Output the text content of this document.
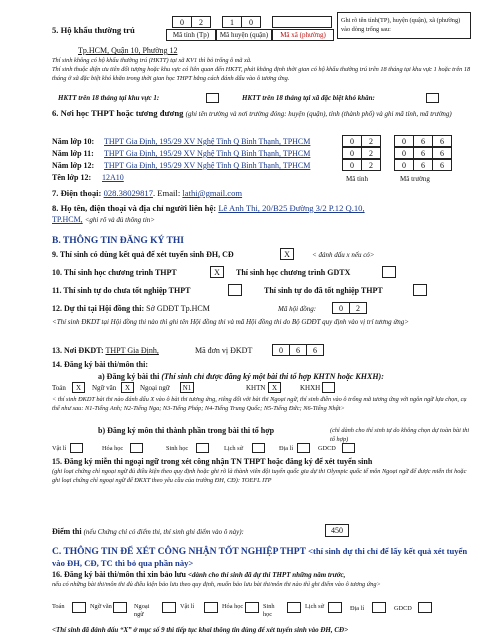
5. Hộ khẩu thường trú
0	2	1	0
Mã tỉnh (Tp)	Mã huyện (quận)	Mã xã (phường)
Ghi rõ tên tỉnh(TP), huyện (quận), xã (phường) vào dòng trống sau:
Tp.HCM, Quận 10, Phường 12
Thí sinh không có hộ khẩu thường trú (HKTT) tại xã KV1 thì bỏ trống ô mã xã.
Thí sinh thuộc diện ưu tiên đối tượng hoặc khu vực có liên quan đến HKTT, phải khẳng định thời gian có hộ khẩu thường trú trên 18 tháng tại khu vực 1 hoặc trên 18 tháng ở xã đặc biệt khó khăn trong thời gian học THPT bằng cách đánh dấu vào ô tương ứng.
HKTT trên 18 tháng tại khu vực 1:	HKTT trên 18 tháng tại xã đặc biệt khó khăn:
6. Nơi học THPT hoặc tương đương (ghi tên trường và nơi trường đóng: huyện (quận), tỉnh (thành phố) và ghi mã tỉnh, mã trường)
Năm lớp 10: THPT Gia Định, 195/29 XV Nghệ Tĩnh Q Bình Thạnh, TPHCM
Năm lớp 11: THPT Gia Định, 195/29 XV Nghệ Tĩnh Q Bình Thạnh, TPHCM
Năm lớp 12: THPT Gia Định, 195/29 XV Nghệ Tĩnh Q Bình Thạnh, TPHCM
0	2	0	6	6
0	2	0	6	6
0	2	0	6	6
Tên lớp 12: 12A10	Mã tỉnh	Mã trường
7. Điện thoại: 028.38029817. Email: lathi@gmail.com
8. Họ tên, điện thoại và địa chỉ người liên hệ: Lê Anh Thi, 20/B25 Đường 3/2 P.12 Q.10,
TP.HCM, <ghi rõ và đủ thông tin>
B. THÔNG TIN ĐĂNG KÝ THI
9. Thí sinh có dùng kết quả để xét tuyển sinh ĐH, CĐ	X	< đánh dấu x nếu có>
10. Thí sinh học chương trình THPT	X	Thí sinh học chương trình GDTX
11. Thí sinh tự do chưa tốt nghiệp THPT	Thí sinh tự do đã tốt nghiệp THPT
12. Dự thi tại Hội đồng thi: Sở GDĐT Tp.HCM	Mã hội đồng:	0	2
<Thí sinh ĐKDT tại Hội đồng thi nào thì ghi tên Hội đồng thi và mã Hội đồng thi do Bộ GDĐT quy định vào vị trí tương ứng>
13. Nơi ĐKDT: THPT Gia Định,	Mã đơn vị ĐKDT	0	6	6
14. Đăng ký bài thi/môn thi:
a) Đăng ký bài thi (Thí sinh chỉ được đăng ký một bài thi tổ hợp KHTN hoặc KHXH):
Toán	X	Ngữ văn	X	Ngoại ngữ	N1	KHTN X	KHXH
< thí sinh ĐKDT bài thi nào đánh dấu X vào ô bài thi tương ứng, riêng đối với bài thi Ngoại ngữ, thí sinh điền vào ô trống mã tương ứng với ngôn ngữ lựa chọn, cụ thể như sau: N1-Tiếng Anh; N2-Tiếng Nga; N3-Tiếng Pháp; N4-Tiếng Trung Quốc; N5-Tiếng Đức; N6-Tiếng Nhật>
b) Đăng ký môn thi thành phần trong bài thi tổ hợp	(chỉ dành cho thí sinh tự do không chọn dự toàn bài thi tổ hợp)
Vật lí	Hóa học	Sinh học	Lịch sử	Địa lí	GDCD
15. Đăng ký miễn thi ngoại ngữ trong xét công nhận TN THPT hoặc đăng ký để xét tuyển sinh
(ghi loại chứng chỉ ngoại ngữ đủ điều kiện theo quy định hoặc ghi rõ là thành viên đội tuyển quốc gia dự thi Olympic quốc tế môn Ngoại ngữ để được miễn thi hoặc ghi loại chứng chỉ ngoại ngữ để ĐKXT theo yêu cầu của trường ĐH, CĐ): TOEFL ITP
Điểm thi (nếu Chứng chỉ có điểm thi, thí sinh ghi điểm vào ô này):	450
C. THÔNG TIN ĐỂ XÉT CÔNG NHẬN TỐT NGHIỆP THPT <thí sinh dự thi chỉ để lấy kết quả xét tuyển vào ĐH, CĐ, TC thì bỏ qua phần này>
16. Đăng ký bài thi/môn thi xin bảo lưu <dành cho thí sinh đã dự thi THPT những năm trước,
nếu có những bài thi/môn thi đủ điều kiện bảo lưu theo quy định, muốn bảo lưu bài thi/môn thi nào thì ghi điểm vào ô tương ứng>
Toán	Ngữ văn	Ngoại ngữ
Vật lí	Hóa học	Sinh học
Lịch sử	Địa lí	GDCD
<Thí sinh đã đánh dấu “X” ở mục số 9 thì tiếp tục khai thông tin dùng để xét tuyển sinh vào ĐH, CĐ>
